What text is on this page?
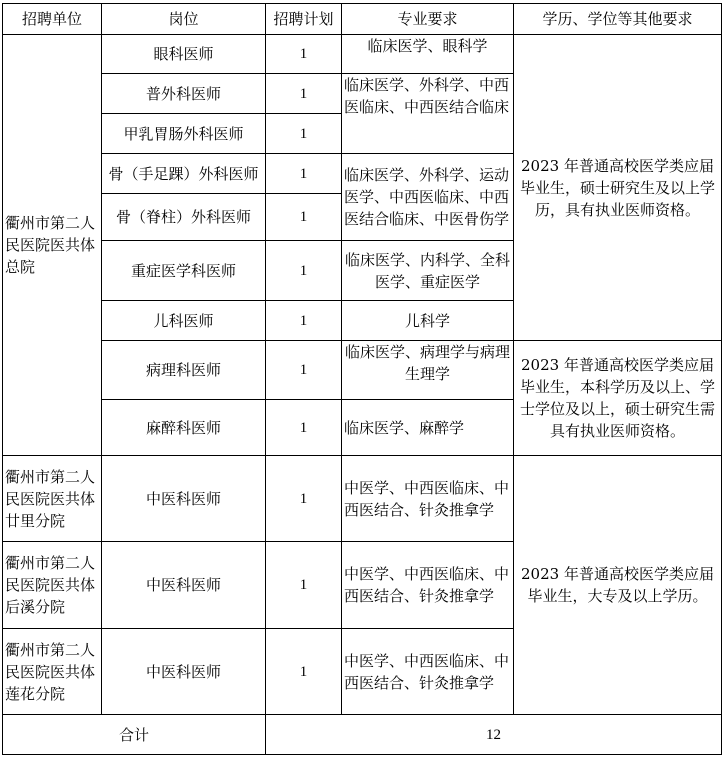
招聘单位	岗位	招聘计划	专业要求	学历、学位等其他要求
衢州市第二人民医院医共体总院	眼科医师	1	临床医学、眼科学	2023 年普通高校医学类应届毕业生，硕士研究生及以上学历，具有执业医师资格。
	普外科医师	1	临床医学、外科学、中西医临床、中西医结合临床	
	甲乳胃肠外科医师	1		
	骨（手足踝）外科医师	1	临床医学、外科学、运动医学、中西医临床、中西医结合临床、中医骨伤学	
	骨（脊柱）外科医师	1		
	重症医学科医师	1	临床医学、内科学、全科医学、重症医学	
	儿科医师	1	儿科学	
	病理科医师	1	临床医学、病理学与病理生理学	2023 年普通高校医学类应届毕业生，本科学历及以上、学士学位及以上，硕士研究生需具有执业医师资格。
	麻醉科医师	1	临床医学、麻醉学	
衢州市第二人民医院医共体廿里分院	中医科医师	1	中医学、中西医临床、中西医结合、针灸推拿学	2023 年普通高校医学类应届毕业生，大专及以上学历。
衢州市第二人民医院医共体后溪分院	中医科医师	1	中医学、中西医临床、中西医结合、针灸推拿学	
衢州市第二人民医院医共体莲花分院	中医科医师	1	中医学、中西医临床、中西医结合、针灸推拿学	
合计		12		
